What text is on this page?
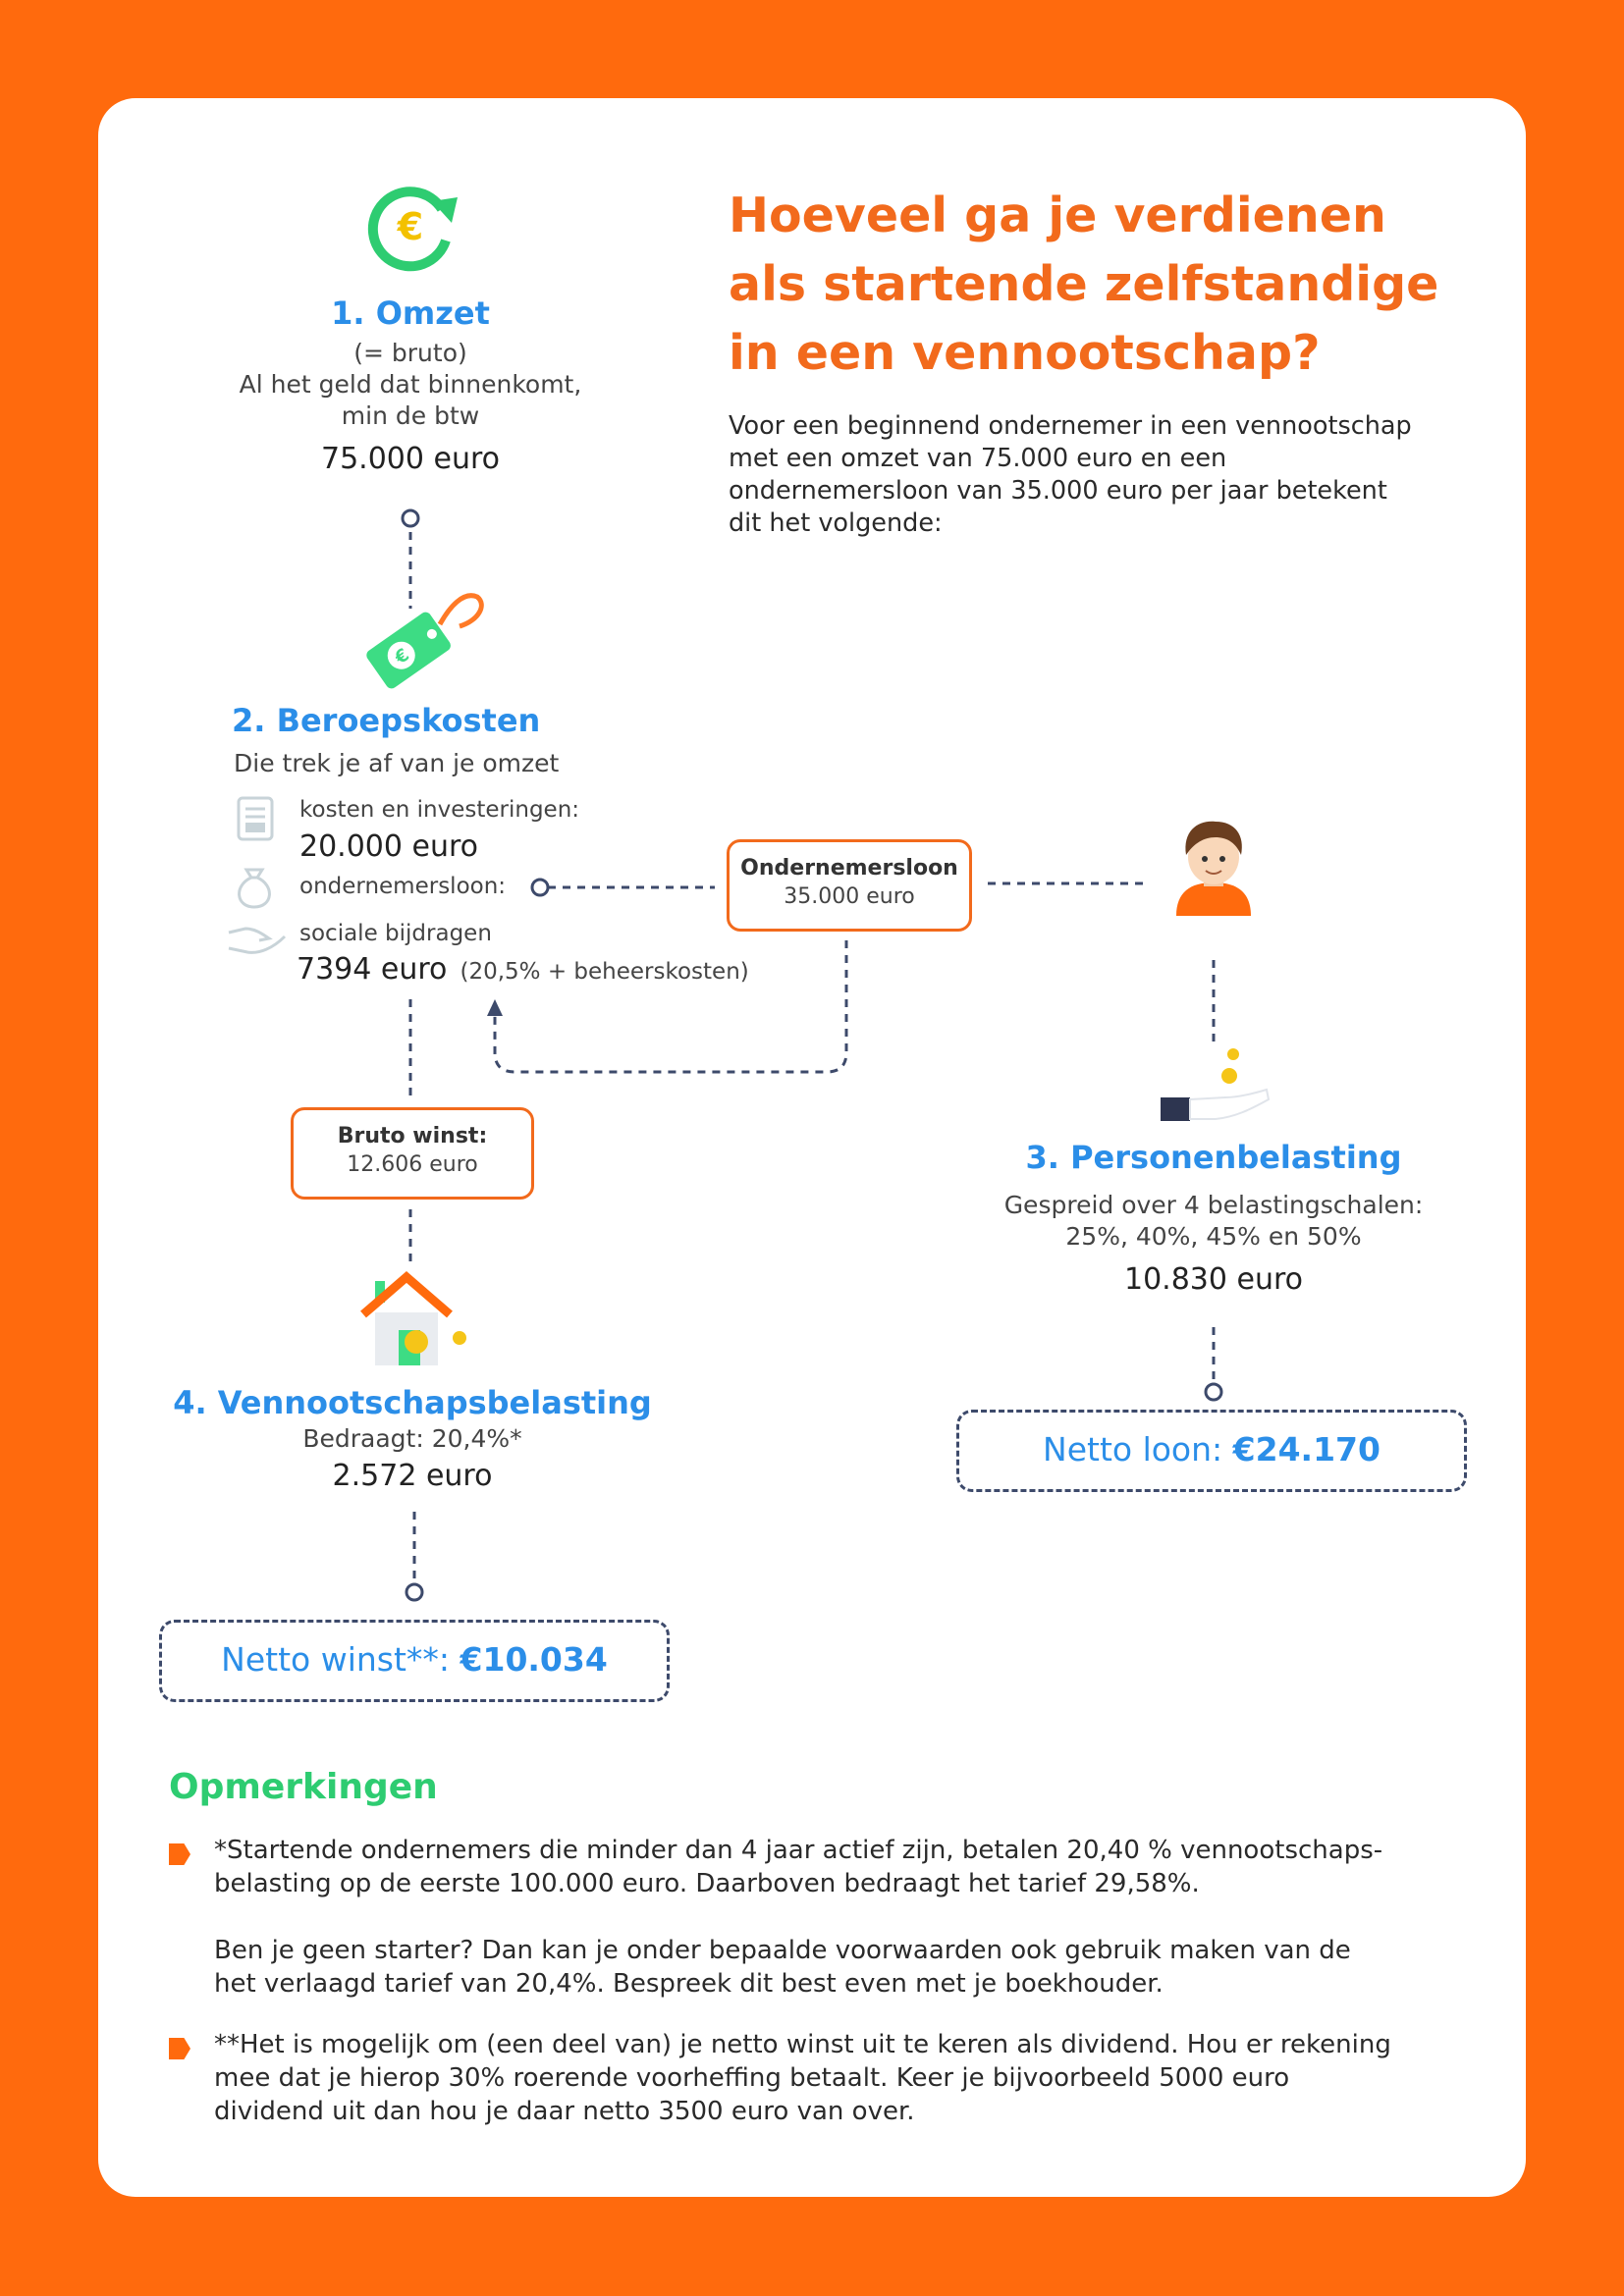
Hoeveel ga je verdienen
als startende zelfstandige
in een vennootschap?
Voor een beginnend ondernemer in een vennootschap met een omzet van 75.000 euro en een ondernemersloon van 35.000 euro per jaar betekent dit het volgende:
€
1. Omzet
(= bruto)
Al het geld dat binnenkomt,
min de btw
75.000 euro
€
2. Beroepskosten
Die trek je af van je omzet
kosten en investeringen:
20.000 euro
ondernemersloon:
sociale bijdragen
7394 euro (20,5% + beheerskosten)
Ondernemersloon
35.000 euro
Bruto winst:
12.606 euro	3. Personenbelasting
Gespreid over 4 belastingschalen:
25%, 40%, 45% en 50%
10.830 euro
Netto loon: €24.170
4. Vennootschapsbelasting
Bedraagt: 20,4%*
2.572 euro
Netto winst**: €10.034
Opmerkingen
*Startende ondernemers die minder dan 4 jaar actief zijn, betalen 20,40 % vennootschaps-
belasting op de eerste 100.000 euro. Daarboven bedraagt het tarief 29,58%.
Ben je geen starter? Dan kan je onder bepaalde voorwaarden ook gebruik maken van de
het verlaagd tarief van 20,4%. Bespreek dit best even met je boekhouder.
**Het is mogelijk om (een deel van) je netto winst uit te keren als dividend. Hou er rekening
mee dat je hierop 30% roerende voorheffing betaalt. Keer je bijvoorbeeld 5000 euro
dividend uit dan hou je daar netto 3500 euro van over.
